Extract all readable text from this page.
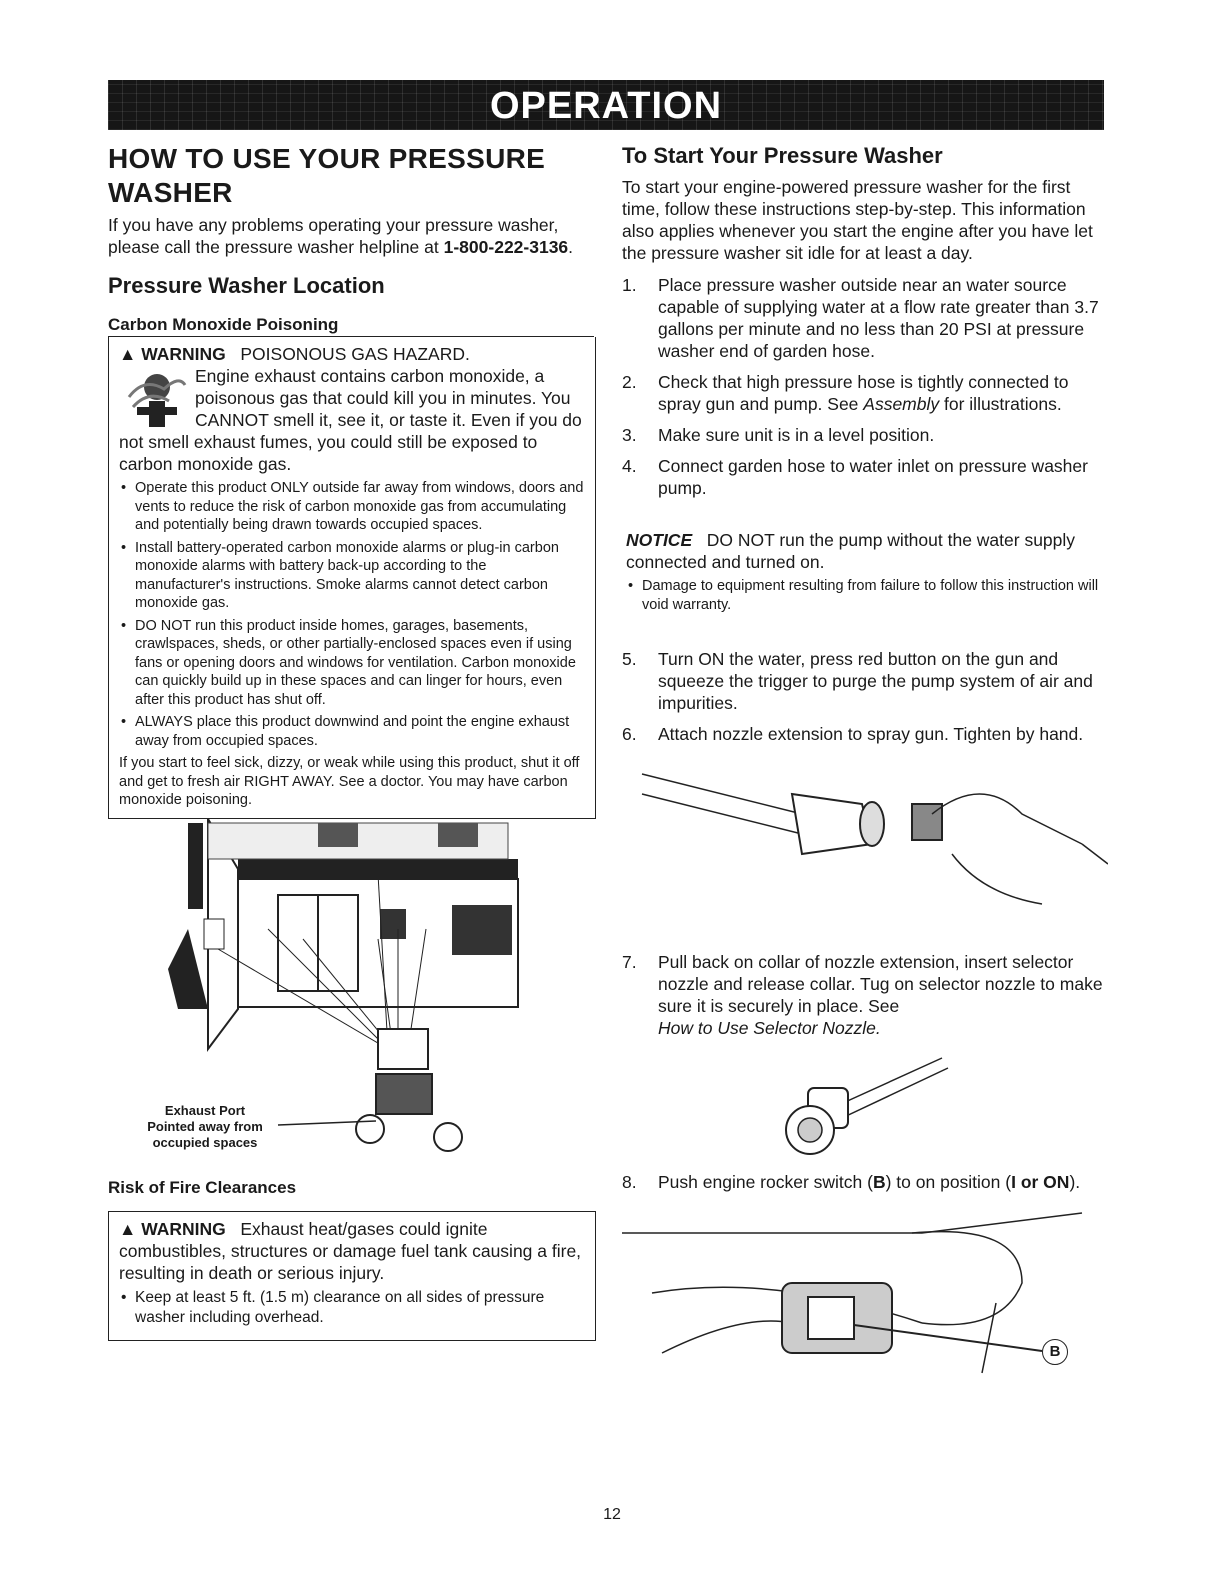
OPERATION
HOW TO USE YOUR PRESSURE WASHER

If you have any problems operating your pressure washer, please call the pressure washer helpline at 1-800-222-3136.

Pressure Washer Location
Carbon Monoxide Poisoning
▲ WARNING POISONOUS GAS HAZARD.

Engine exhaust contains carbon monoxide, a poisonous gas that could kill you in minutes. You CANNOT smell it, see it, or taste it. Even if you do not smell exhaust fumes, you could still be exposed to carbon monoxide gas.

• Operate this product ONLY outside far away from windows, doors and vents to reduce the risk of carbon monoxide gas from accumulating and potentially being drawn towards occupied spaces.
• Install battery-operated carbon monoxide alarms or plug-in carbon monoxide alarms with battery back-up according to the manufacturer's instructions. Smoke alarms cannot detect carbon monoxide gas.
• DO NOT run this product inside homes, garages, basements, crawlspaces, sheds, or other partially-enclosed spaces even if using fans or opening doors and windows for ventilation. Carbon monoxide can quickly build up in these spaces and can linger for hours, even after this product has shut off.
• ALWAYS place this product downwind and point the engine exhaust away from occupied spaces.

If you start to feel sick, dizzy, or weak while using this product, shut it off and get to fresh air RIGHT AWAY. See a doctor. You may have carbon monoxide poisoning.

Exhaust Port Pointed away from occupied spaces
Risk of Fire Clearances
▲ WARNING Exhaust heat/gases could ignite combustibles, structures or damage fuel tank causing a fire, resulting in death or serious injury.
• Keep at least 5 ft. (1.5 m) clearance on all sides of pressure washer including overhead.
To Start Your Pressure Washer

To start your engine-powered pressure washer for the first time, follow these instructions step-by-step. This information also applies whenever you start the engine after you have let the pressure washer sit idle for at least a day.

1. Place pressure washer outside near an water source capable of supplying water at a flow rate greater than 3.7 gallons per minute and no less than 20 PSI at pressure washer end of garden hose.
2. Check that high pressure hose is tightly connected to spray gun and pump. See Assembly for illustrations.
3. Make sure unit is in a level position.
4. Connect garden hose to water inlet on pressure washer pump.

NOTICE DO NOT run the pump without the water supply connected and turned on.

• Damage to equipment resulting from failure to follow this instruction will void warranty.
5. Turn ON the water, press red button on the gun and squeeze the trigger to purge the pump system of air and impurities.
6. Attach nozzle extension to spray gun. Tighten by hand.
7. Pull back on collar of nozzle extension, insert selector nozzle and release collar. Tug on selector nozzle to make sure it is securely in place. See
How to Use Selector Nozzle.
8. Push engine rocker switch (B) to on position (I or ON).
B
12
